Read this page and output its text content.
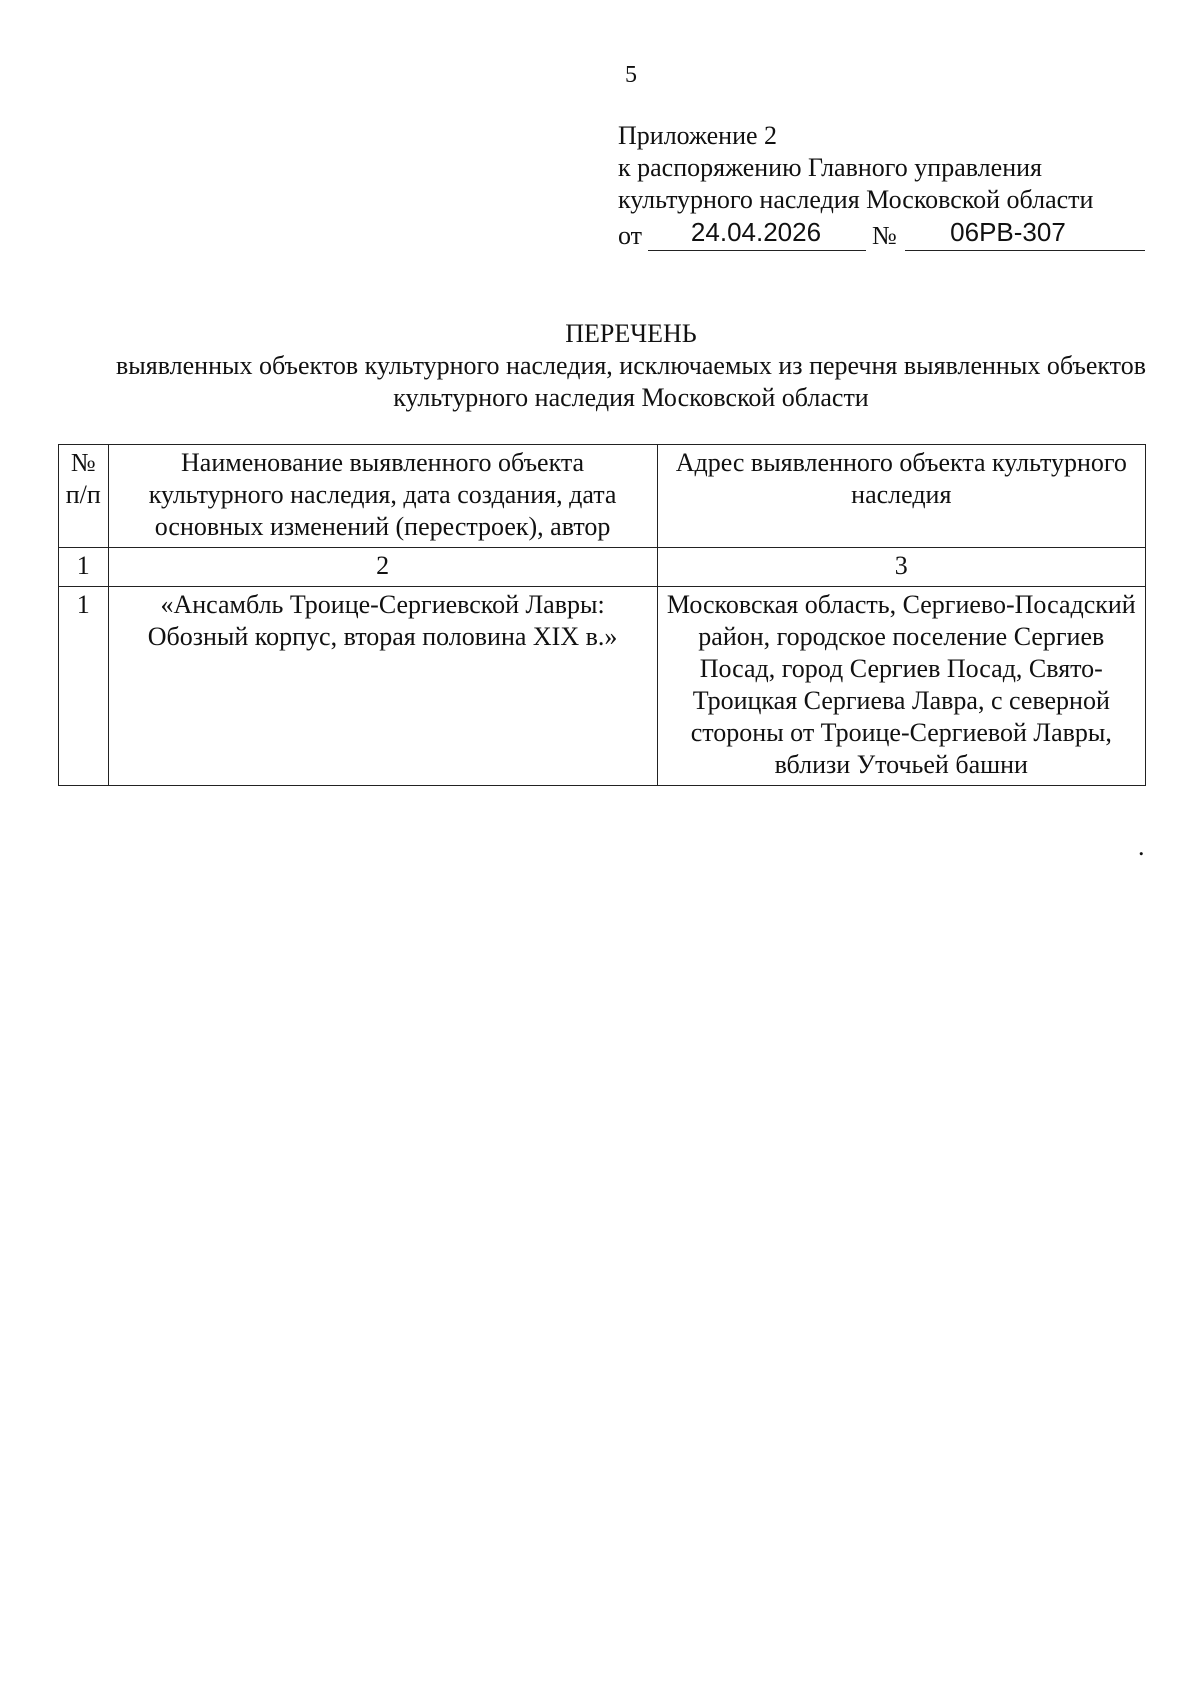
5
Приложение 2
к распоряжению Главного управления
культурного наследия Московской области
от	24.04.2026	№	06РВ-307
ПЕРЕЧЕНЬ
выявленных объектов культурного наследия, исключаемых из перечня выявленных объектов культурного наследия Московской области
№ п/п	Наименование выявленного объекта культурного наследия, дата создания, дата основных изменений (перестроек), автор	Адрес выявленного объекта культурного наследия
1	2	3
1	«Ансамбль Троице-Сергиевской Лавры: Обозный корпус, вторая половина XIX в.»	Московская область, Сергиево-Посадский район, городское поселение Сергиев Посад, город Сергиев Посад, Свято-Троицкая Сергиева Лавра, с северной стороны от Троице-Сергиевой Лавры, вблизи Уточьей башни
.
